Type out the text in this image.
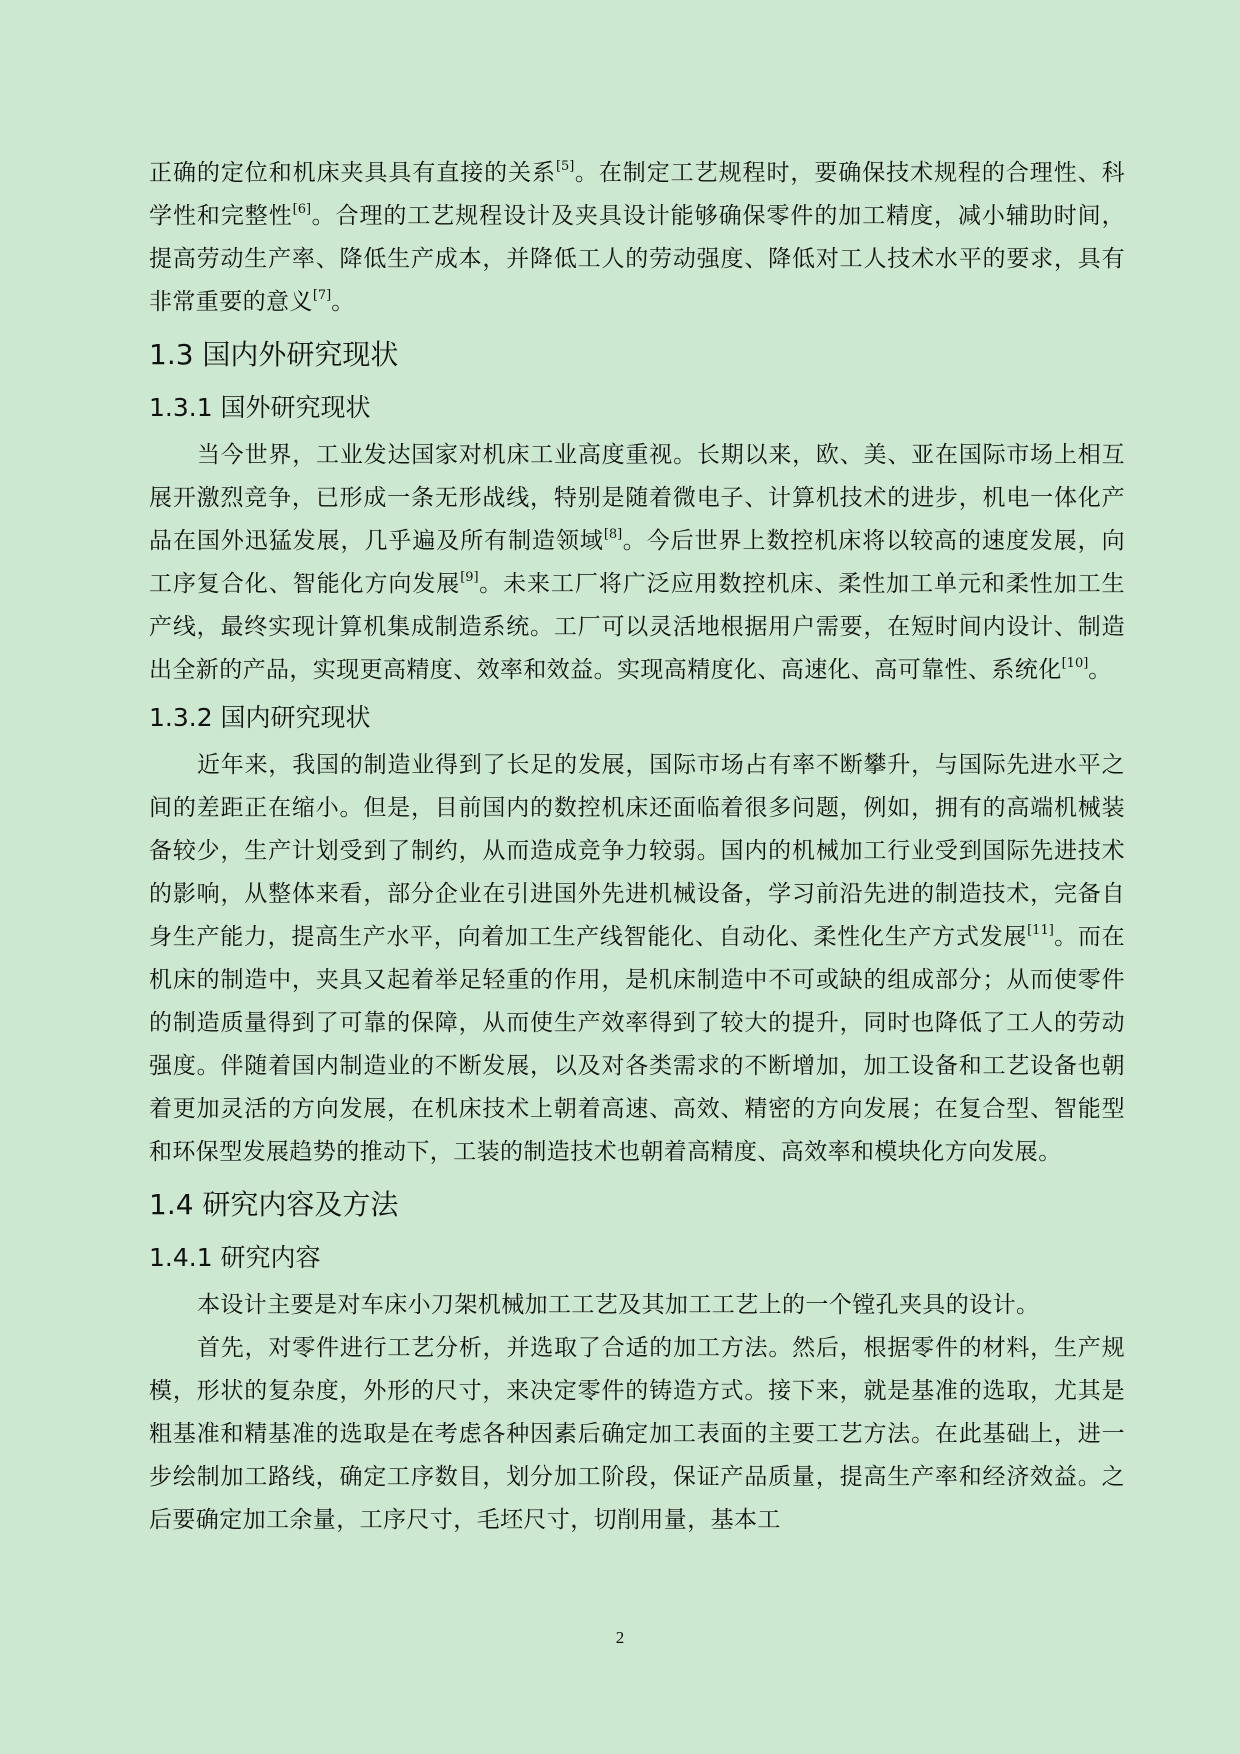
正确的定位和机床夹具具有直接的关系[5]。在制定工艺规程时，要确保技术规程的合理性、科学性和完整性[6]。合理的工艺规程设计及夹具设计能够确保零件的加工精度，减小辅助时间，提高劳动生产率、降低生产成本，并降低工人的劳动强度、降低对工人技术水平的要求，具有非常重要的意义[7]。

1.3 国内外研究现状
1.3.1 国外研究现状

当今世界，工业发达国家对机床工业高度重视。长期以来，欧、美、亚在国际市场上相互展开激烈竞争，已形成一条无形战线，特别是随着微电子、计算机技术的进步，机电一体化产品在国外迅猛发展，几乎遍及所有制造领域[8]。今后世界上数控机床将以较高的速度发展，向工序复合化、智能化方向发展[9]。未来工厂将广泛应用数控机床、柔性加工单元和柔性加工生产线，最终实现计算机集成制造系统。工厂可以灵活地根据用户需要，在短时间内设计、制造出全新的产品，实现更高精度、效率和效益。实现高精度化、高速化、高可靠性、系统化[10]。

1.3.2 国内研究现状

近年来，我国的制造业得到了长足的发展，国际市场占有率不断攀升，与国际先进水平之间的差距正在缩小。但是，目前国内的数控机床还面临着很多问题，例如，拥有的高端机械装备较少，生产计划受到了制约，从而造成竞争力较弱。国内的机械加工行业受到国际先进技术的影响，从整体来看，部分企业在引进国外先进机械设备，学习前沿先进的制造技术，完备自身生产能力，提高生产水平，向着加工生产线智能化、自动化、柔性化生产方式发展[11]。而在机床的制造中，夹具又起着举足轻重的作用，是机床制造中不可或缺的组成部分；从而使零件的制造质量得到了可靠的保障，从而使生产效率得到了较大的提升，同时也降低了工人的劳动强度。伴随着国内制造业的不断发展，以及对各类需求的不断增加，加工设备和工艺设备也朝着更加灵活的方向发展，在机床技术上朝着高速、高效、精密的方向发展；在复合型、智能型和环保型发展趋势的推动下，工装的制造技术也朝着高精度、高效率和模块化方向发展。

1.4 研究内容及方法
1.4.1 研究内容

本设计主要是对车床小刀架机械加工工艺及其加工工艺上的一个镗孔夹具的设计。

首先，对零件进行工艺分析，并选取了合适的加工方法。然后，根据零件的材料，生产规模，形状的复杂度，外形的尺寸，来决定零件的铸造方式。接下来，就是基准的选取，尤其是粗基准和精基准的选取是在考虑各种因素后确定加工表面的主要工艺方法。在此基础上，进一步绘制加工路线，确定工序数目，划分加工阶段，保证产品质量，提高生产率和经济效益。之后要确定加工余量，工序尺寸，毛坯尺寸，切削用量，基本工

2
